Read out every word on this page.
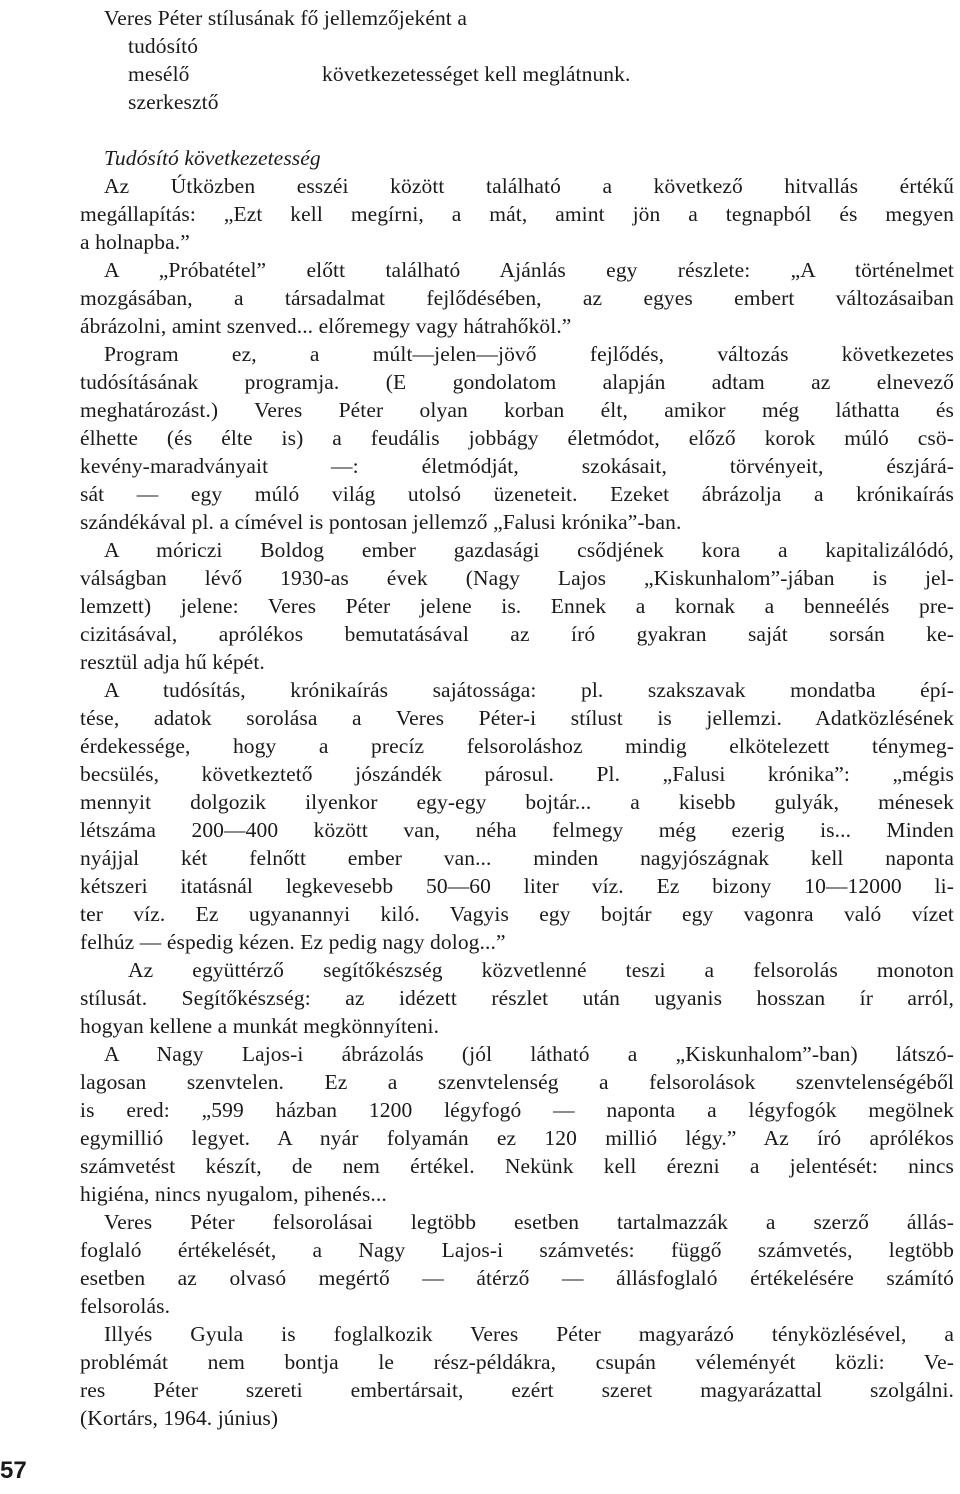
Veres Péter stílusának fő jellemzőjeként a
tudósító
mesélő	következetességet kell meglátnunk.
szerkesztő
Tudósító következetesség
Az Útközben esszéi között található a következő hitvallás értékű
megállapítás: „Ezt kell megírni, a mát, amint jön a tegnapból és megyen
a holnapba.”
A „Próbatétel” előtt található Ajánlás egy részlete: „A történelmet
mozgásában, a társadalmat fejlődésében, az egyes embert változásaiban
ábrázolni, amint szenved... előremegy vagy hátrahőköl.”
Program ez, a múlt—jelen—jövő fejlődés, változás következetes
tudósításának programja. (E gondolatom alapján adtam az elnevező
meghatározást.) Veres Péter olyan korban élt, amikor még láthatta és
élhette (és élte is) a feudális jobbágy életmódot, előző korok múló csö-
kevény-maradványait —: életmódját, szokásait, törvényeit, észjárá-
sát — egy múló világ utolsó üzeneteit. Ezeket ábrázolja a krónikaírás
szándékával pl. a címével is pontosan jellemző „Falusi krónika”-ban.
A móriczi Boldog ember gazdasági csődjének kora a kapitalizálódó,
válságban lévő 1930-as évek (Nagy Lajos „Kiskunhalom”-jában is jel-
lemzett) jelene: Veres Péter jelene is. Ennek a kornak a benneélés pre-
cizitásával, aprólékos bemutatásával az író gyakran saját sorsán ke-
resztül adja hű képét.
A tudósítás, krónikaírás sajátossága: pl. szakszavak mondatba épí-
tése, adatok sorolása a Veres Péter-i stílust is jellemzi. Adatközlésének
érdekessége, hogy a precíz felsoroláshoz mindig elkötelezett ténymeg-
becsülés, következtető jószándék párosul. Pl. „Falusi krónika”: „mégis
mennyit dolgozik ilyenkor egy-egy bojtár... a kisebb gulyák, ménesek
létszáma 200—400 között van, néha felmegy még ezerig is... Minden
nyájjal két felnőtt ember van... minden nagyjószágnak kell naponta
kétszeri itatásnál legkevesebb 50—60 liter víz. Ez bizony 10—12000 li-
ter víz. Ez ugyanannyi kiló. Vagyis egy bojtár egy vagonra való vízet
felhúz — éspedig kézen. Ez pedig nagy dolog...”
Az együttérző segítőkészség közvetlenné teszi a felsorolás monoton
stílusát. Segítőkészség: az idézett részlet után ugyanis hosszan ír arról,
hogyan kellene a munkát megkönnyíteni.
A Nagy Lajos-i ábrázolás (jól látható a „Kiskunhalom”-ban) látszó-
lagosan szenvtelen. Ez a szenvtelenség a felsorolások szenvtelenségéből
is ered: „599 házban 1200 légyfogó — naponta a légyfogók megölnek
egymillió legyet. A nyár folyamán ez 120 millió légy.” Az író aprólékos
számvetést készít, de nem értékel. Nekünk kell érezni a jelentését: nincs
higiéna, nincs nyugalom, pihenés...
Veres Péter felsorolásai legtöbb esetben tartalmazzák a szerző állás-
foglaló értékelését, a Nagy Lajos-i számvetés: függő számvetés, legtöbb
esetben az olvasó megértő — átérző — állásfoglaló értékelésére számító
felsorolás.
Illyés Gyula is foglalkozik Veres Péter magyarázó tényközlésével, a
problémát nem bontja le rész-példákra, csupán véleményét közli: Ve-
res Péter szereti embertársait, ezért szeret magyarázattal szolgálni.
(Kortárs, 1964. június)
57
